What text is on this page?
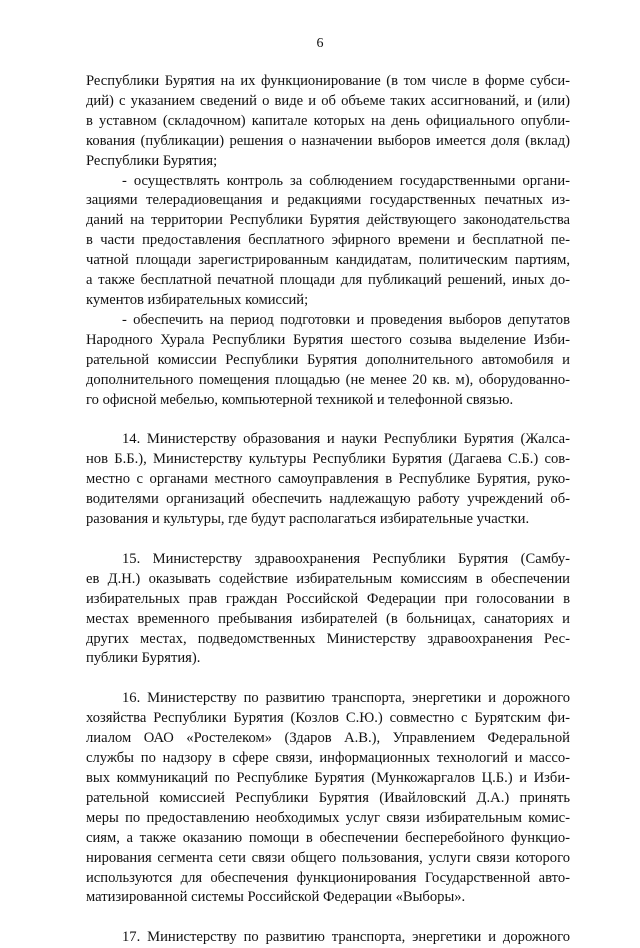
6
Республики Бурятия на их функционирование (в том числе в форме субси-
дий) с указанием сведений о виде и об объеме таких ассигнований, и (или)
в уставном (складочном) капитале которых на день официального опубли-
кования (публикации) решения о назначении выборов имеется доля (вклад)
Республики Бурятия;
- осуществлять контроль за соблюдением государственными органи-
зациями телерадиовещания и редакциями государственных печатных из-
даний на территории Республики Бурятия действующего законодательства
в части предоставления бесплатного эфирного времени и бесплатной пе-
чатной площади зарегистрированным кандидатам, политическим партиям,
а также бесплатной печатной площади для публикаций решений, иных до-
кументов избирательных комиссий;
- обеспечить на период подготовки и проведения выборов депутатов
Народного Хурала Республики Бурятия шестого созыва выделение Изби-
рательной комиссии Республики Бурятия дополнительного автомобиля и
дополнительного помещения площадью (не менее 20 кв. м), оборудованно-
го офисной мебелью, компьютерной техникой и телефонной связью.
14. Министерству образования и науки Республики Бурятия (Жалса-
нов Б.Б.), Министерству культуры Республики Бурятия (Дагаева С.Б.) сов-
местно с органами местного самоуправления в Республике Бурятия, руко-
водителями организаций обеспечить надлежащую работу учреждений об-
разования и культуры, где будут располагаться избирательные участки.
15. Министерству здравоохранения Республики Бурятия (Самбу-
ев Д.Н.) оказывать содействие избирательным комиссиям в обеспечении
избирательных прав граждан Российской Федерации при голосовании в
местах временного пребывания избирателей (в больницах, санаториях и
других местах, подведомственных Министерству здравоохранения Рес-
публики Бурятия).
16. Министерству по развитию транспорта, энергетики и дорожного
хозяйства Республики Бурятия (Козлов С.Ю.) совместно с Бурятским фи-
лиалом ОАО «Ростелеком» (Здаров А.В.), Управлением Федеральной
службы по надзору в сфере связи, информационных технологий и массо-
вых коммуникаций по Республике Бурятия (Мункожаргалов Ц.Б.) и Изби-
рательной комиссией Республики Бурятия (Ивайловский Д.А.) принять
меры по предоставлению необходимых услуг связи избирательным комис-
сиям, а также оказанию помощи в обеспечении бесперебойного функцио-
нирования сегмента сети связи общего пользования, услуги связи которого
используются для обеспечения функционирования Государственной авто-
матизированной системы Российской Федерации «Выборы».
17. Министерству по развитию транспорта, энергетики и дорожного
